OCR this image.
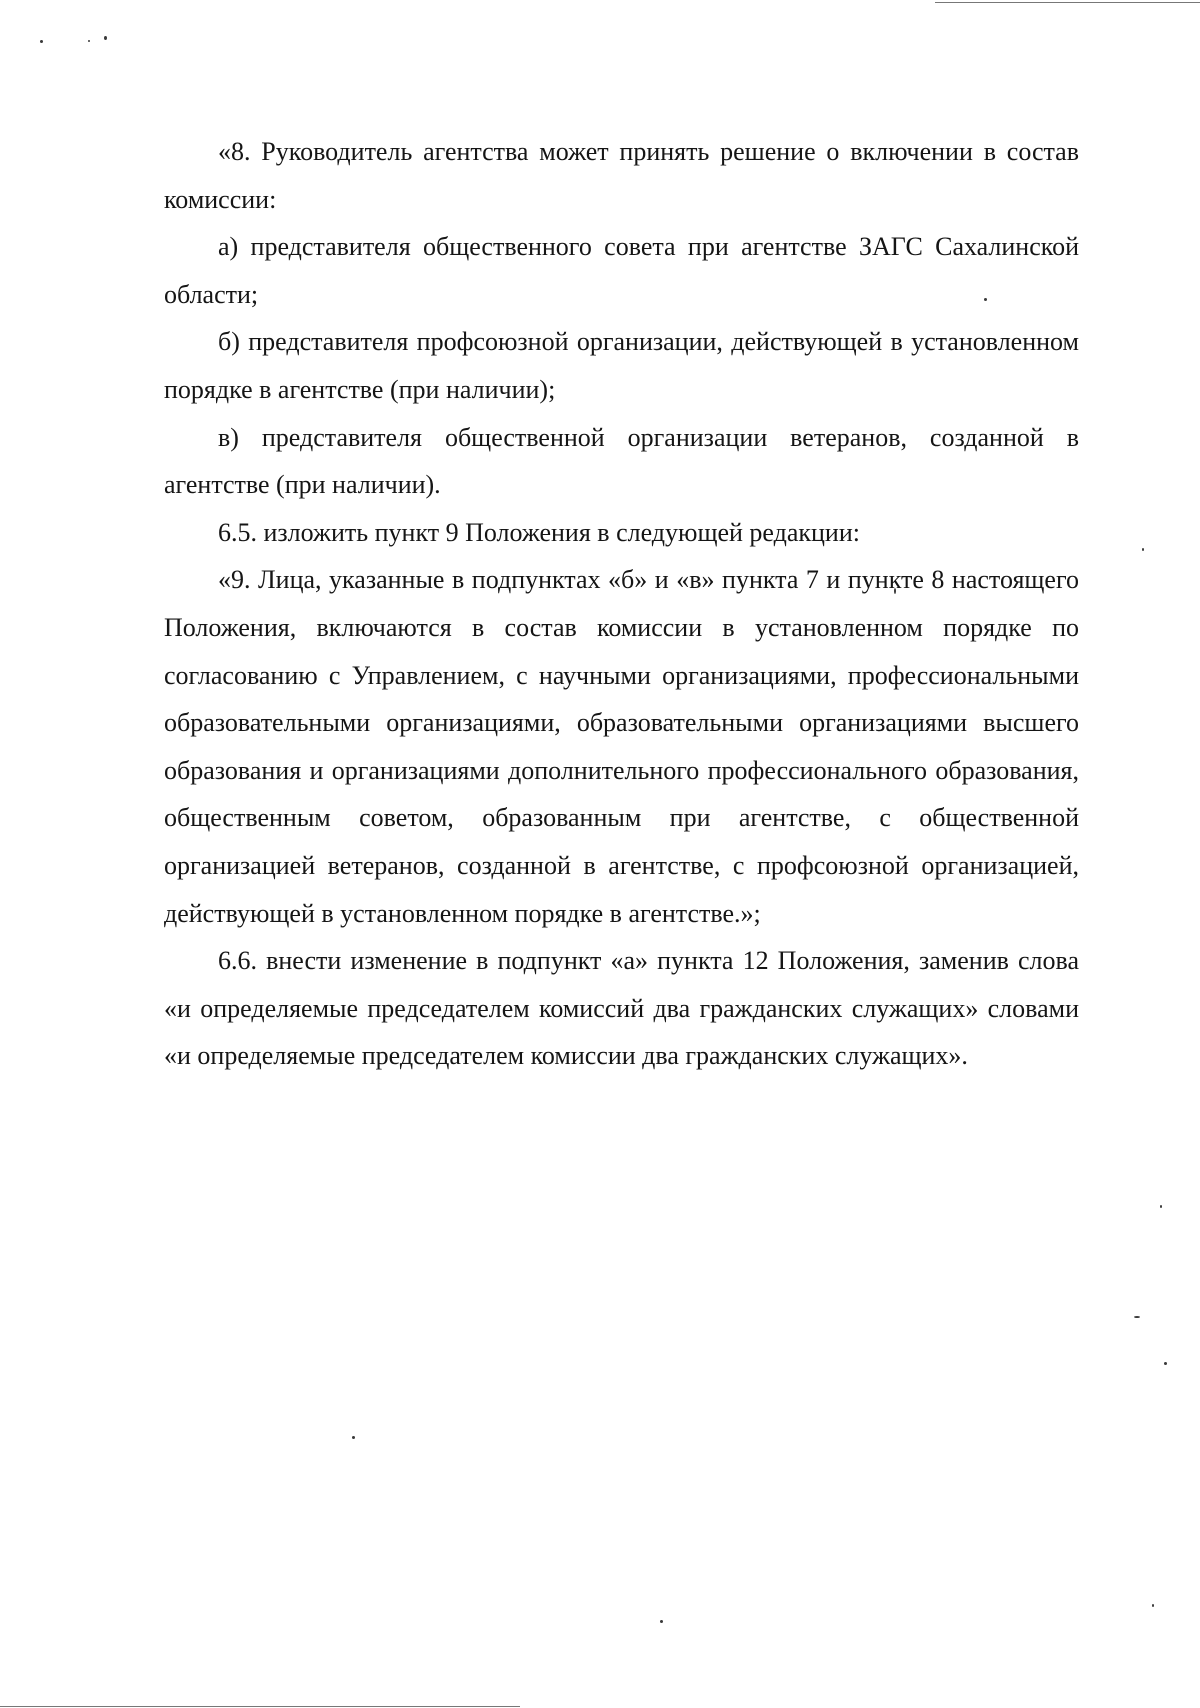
«8. Руководитель агентства может принять решение о включении в состав комиссии:

а) представителя общественного совета при агентстве ЗАГС Сахалинской области;

б) представителя профсоюзной организации, действующей в установленном порядке в агентстве (при наличии);

в) представителя общественной организации ветеранов, созданной в агентстве (при наличии).

6.5. изложить пункт 9 Положения в следующей редакции:

«9. Лица, указанные в подпунктах «б» и «в» пункта 7 и пункте 8 настоящего Положения, включаются в состав комиссии в установленном порядке по согласованию с Управлением, с научными организациями, профессиональными образовательными организациями, образовательными организациями высшего образования и организациями дополнительного профессионального образования, общественным советом, образованным при агентстве, с общественной организацией ветеранов, созданной в агентстве, с профсоюзной организацией, действующей в установленном порядке в агентстве.»;

6.6. внести изменение в подпункт «а» пункта 12 Положения, заменив слова «и определяемые председателем комиссий два гражданских служащих» словами «и определяемые председателем комиссии два гражданских служащих».
